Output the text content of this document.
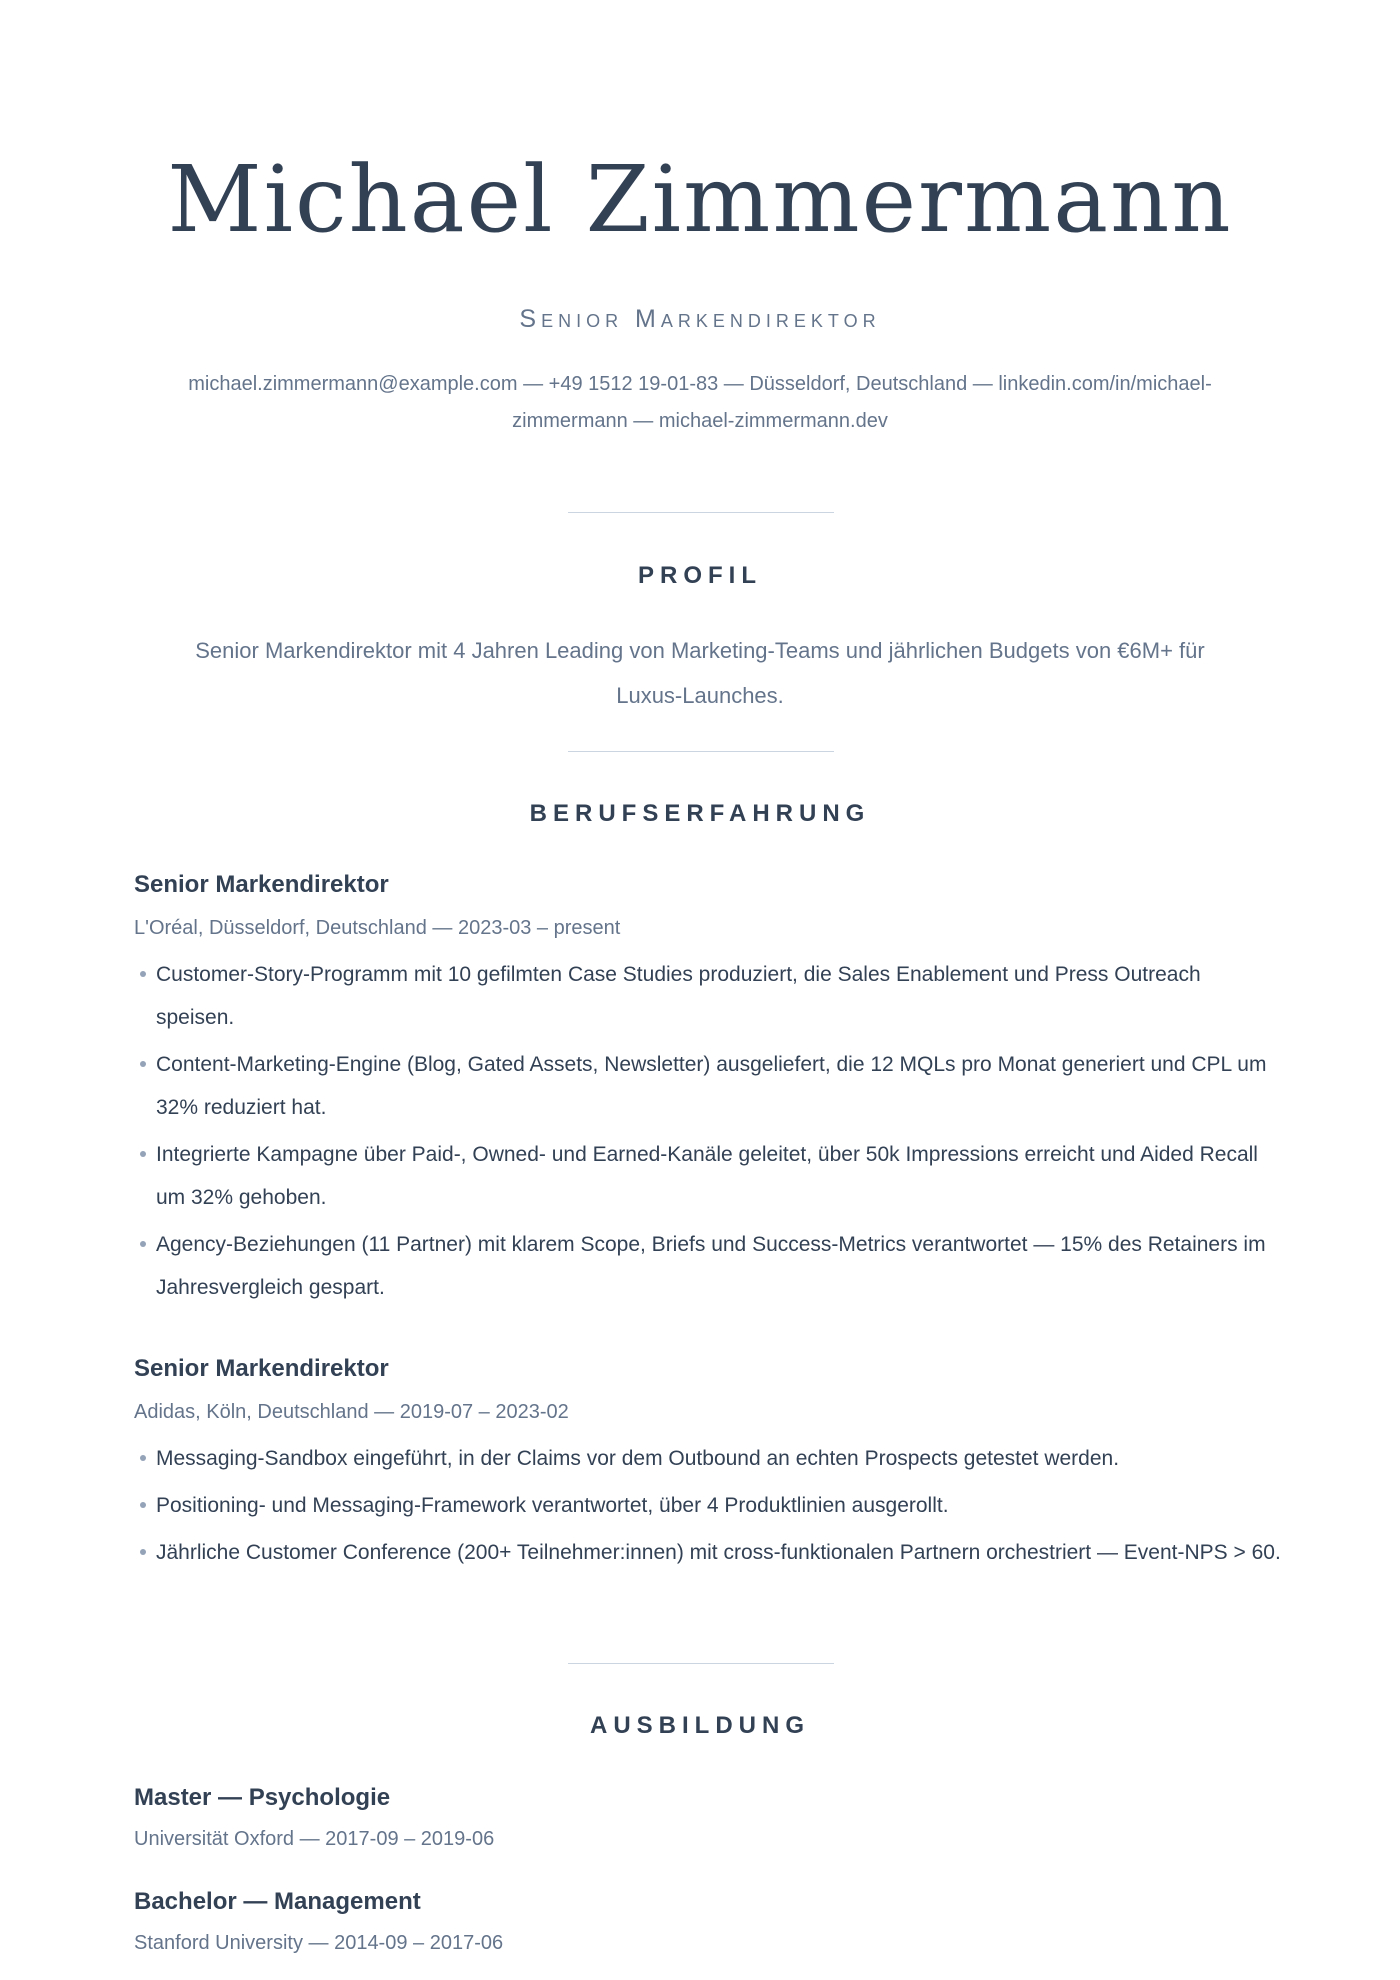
Michael Zimmermann

Senior Markendirektor

michael.zimmermann@example.com — +49 1512 19-01-83 — Düsseldorf, Deutschland — linkedin.com/in/michael-zimmermann — michael-zimmermann.dev

PROFIL

Senior Markendirektor mit 4 Jahren Leading von Marketing-Teams und jährlichen Budgets von €6M+ für Luxus-Launches.

BERUFSERFAHRUNG

Senior Markendirektor

L'Oréal, Düsseldorf, Deutschland — 2023-03 – present

Customer-Story-Programm mit 10 gefilmten Case Studies produziert, die Sales Enablement und Press Outreach speisen.
Content-Marketing-Engine (Blog, Gated Assets, Newsletter) ausgeliefert, die 12 MQLs pro Monat generiert und CPL um 32% reduziert hat.
Integrierte Kampagne über Paid-, Owned- und Earned-Kanäle geleitet, über 50k Impressions erreicht und Aided Recall um 32% gehoben.
Agency-Beziehungen (11 Partner) mit klarem Scope, Briefs und Success-Metrics verantwortet — 15% des Retainers im Jahresvergleich gespart.

Senior Markendirektor

Adidas, Köln, Deutschland — 2019-07 – 2023-02

Messaging-Sandbox eingeführt, in der Claims vor dem Outbound an echten Prospects getestet werden.
Positioning- und Messaging-Framework verantwortet, über 4 Produktlinien ausgerollt.
Jährliche Customer Conference (200+ Teilnehmer:innen) mit cross-funktionalen Partnern orchestriert — Event-NPS > 60.
AUSBILDUNG

Master — Psychologie

Universität Oxford — 2017-09 – 2019-06

Bachelor — Management

Stanford University — 2014-09 – 2017-06
